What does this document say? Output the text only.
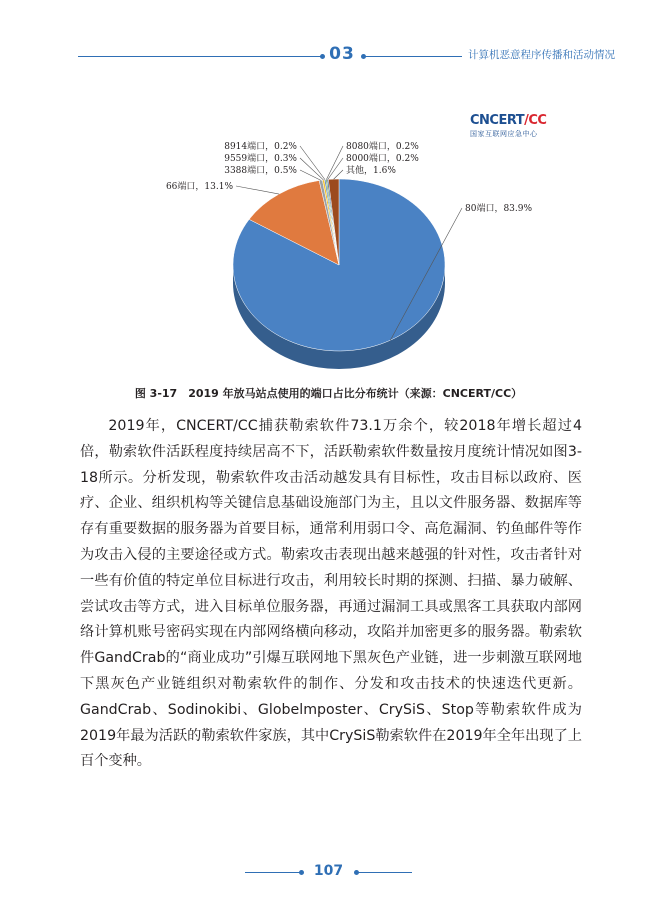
03	计算机恶意程序传播和活动情况
CNCERT/CC
国家互联网应急中心
80端口，83.9%
66端口，13.1%
3388端口，0.5%
9559端口，0.3%
8914端口，0.2%	8080端口，0.2%
8000端口，0.2%
其他，1.6%
图 3-17　2019 年放马站点使用的端口占比分布统计（来源：CNCERT/CC）

2019年，CNCERT/CC捕获勒索软件73.1万余个，较2018年增长超过4倍，勒索软件活跃程度持续居高不下，活跃勒索软件数量按月度统计情况如图3-18所示。分析发现，勒索软件攻击活动越发具有目标性，攻击目标以政府、医疗、企业、组织机构等关键信息基础设施部门为主，且以文件服务器、数据库等存有重要数据的服务器为首要目标，通常利用弱口令、高危漏洞、钓鱼邮件等作为攻击入侵的主要途径或方式。勒索攻击表现出越来越强的针对性，攻击者针对一些有价值的特定单位目标进行攻击，利用较长时期的探测、扫描、暴力破解、尝试攻击等方式，进入目标单位服务器，再通过漏洞工具或黑客工具获取内部网络计算机账号密码实现在内部网络横向移动，攻陷并加密更多的服务器。勒索软件GandCrab的“商业成功”引爆互联网地下黑灰色产业链，进一步刺激互联网地下黑灰色产业链组织对勒索软件的制作、分发和攻击技术的快速迭代更新。GandCrab、Sodinokibi、Globelmposter、CrySiS、Stop等勒索软件成为2019年最为活跃的勒索软件家族，其中CrySiS勒索软件在2019年全年出现了上百个变种。

107
